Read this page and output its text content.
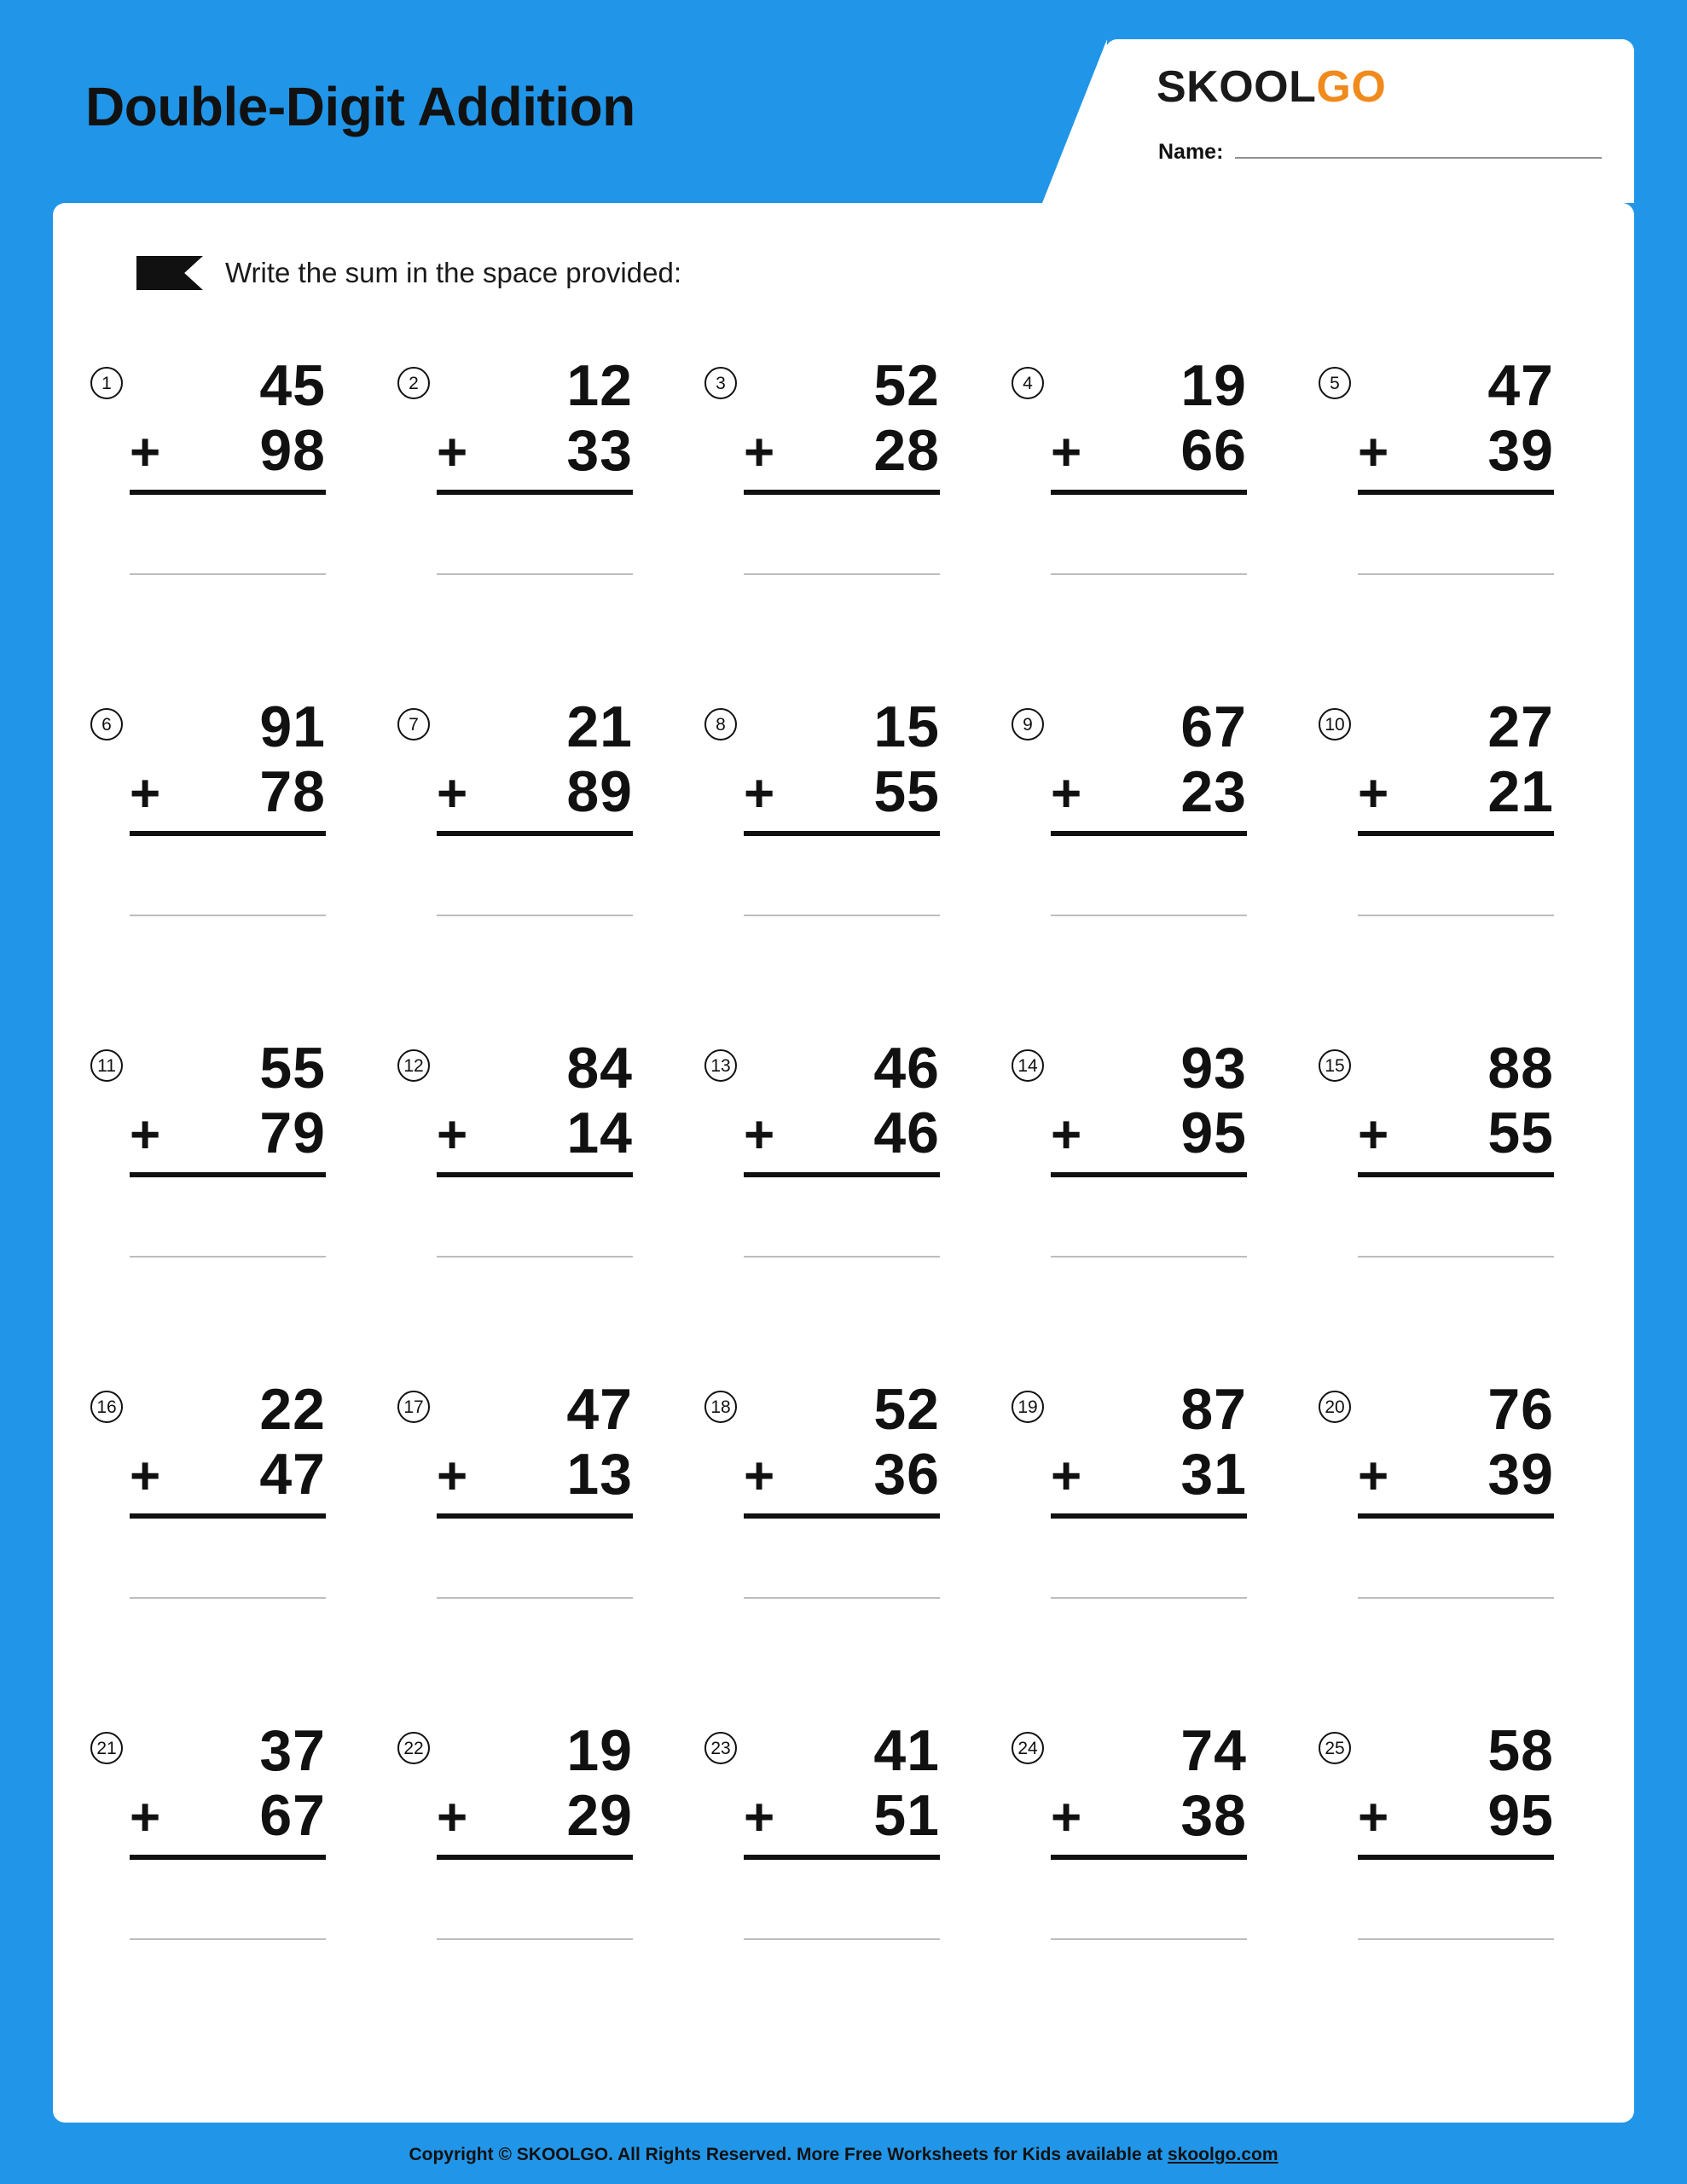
Double-Digit Addition	SKOOLGO
Name:
Write the sum in the space provided:
1	45
+ 98
2	12
+ 33
3	52
+ 28
4	19
+ 66
5	47
+ 39
6	91
+ 78
7	21
+ 89
8	15
+ 55
9	67
+ 23
10 27
+ 21
11 55
+ 79
12 84
+ 14
13 46
+ 46
14 93
+ 95
15 88
+ 55
16 22
+ 47
17 47
+ 13
18 52
+ 36
19 87
+ 31
20 76
+ 39
21 37
+ 67
22 19
+ 29
23 41
+ 51
24 74
+ 38
25 58
+ 95
Copyright © SKOOLGO. All Rights Reserved. More Free Worksheets for Kids available at skoolgo.com
